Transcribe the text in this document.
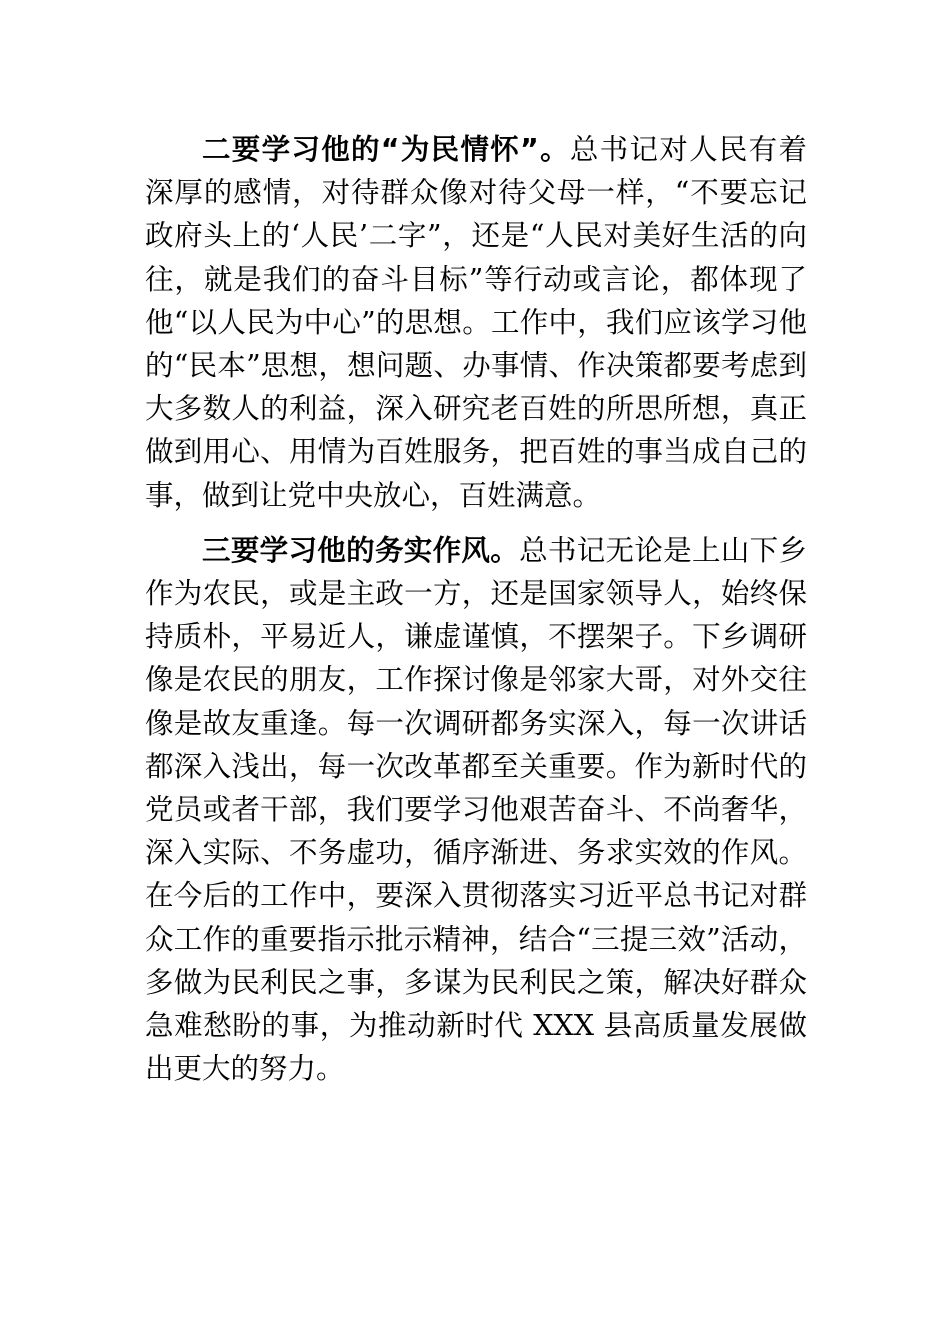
二要学习他的“为民情怀”。总书记对人民有着深厚的感情，对待群众像对待父母一样，“不要忘记政府头上的‘人民’二字”，还是“人民对美好生活的向往，就是我们的奋斗目标”等行动或言论，都体现了他“以人民为中心”的思想。工作中，我们应该学习他的“民本”思想，想问题、办事情、作决策都要考虑到大多数人的利益，深入研究老百姓的所思所想，真正做到用心、用情为百姓服务，把百姓的事当成自己的事，做到让党中央放心，百姓满意。

三要学习他的务实作风。总书记无论是上山下乡作为农民，或是主政一方，还是国家领导人，始终保持质朴，平易近人，谦虚谨慎，不摆架子。下乡调研像是农民的朋友，工作探讨像是邻家大哥，对外交往像是故友重逢。每一次调研都务实深入，每一次讲话都深入浅出，每一次改革都至关重要。作为新时代的党员或者干部，我们要学习他艰苦奋斗、不尚奢华，深入实际、不务虚功，循序渐进、务求实效的作风。在今后的工作中，要深入贯彻落实习近平总书记对群众工作的重要指示批示精神，结合“三提三效”活动，多做为民利民之事，多谋为民利民之策，解决好群众急难愁盼的事，为推动新时代 XXX 县高质量发展做出更大的努力。
